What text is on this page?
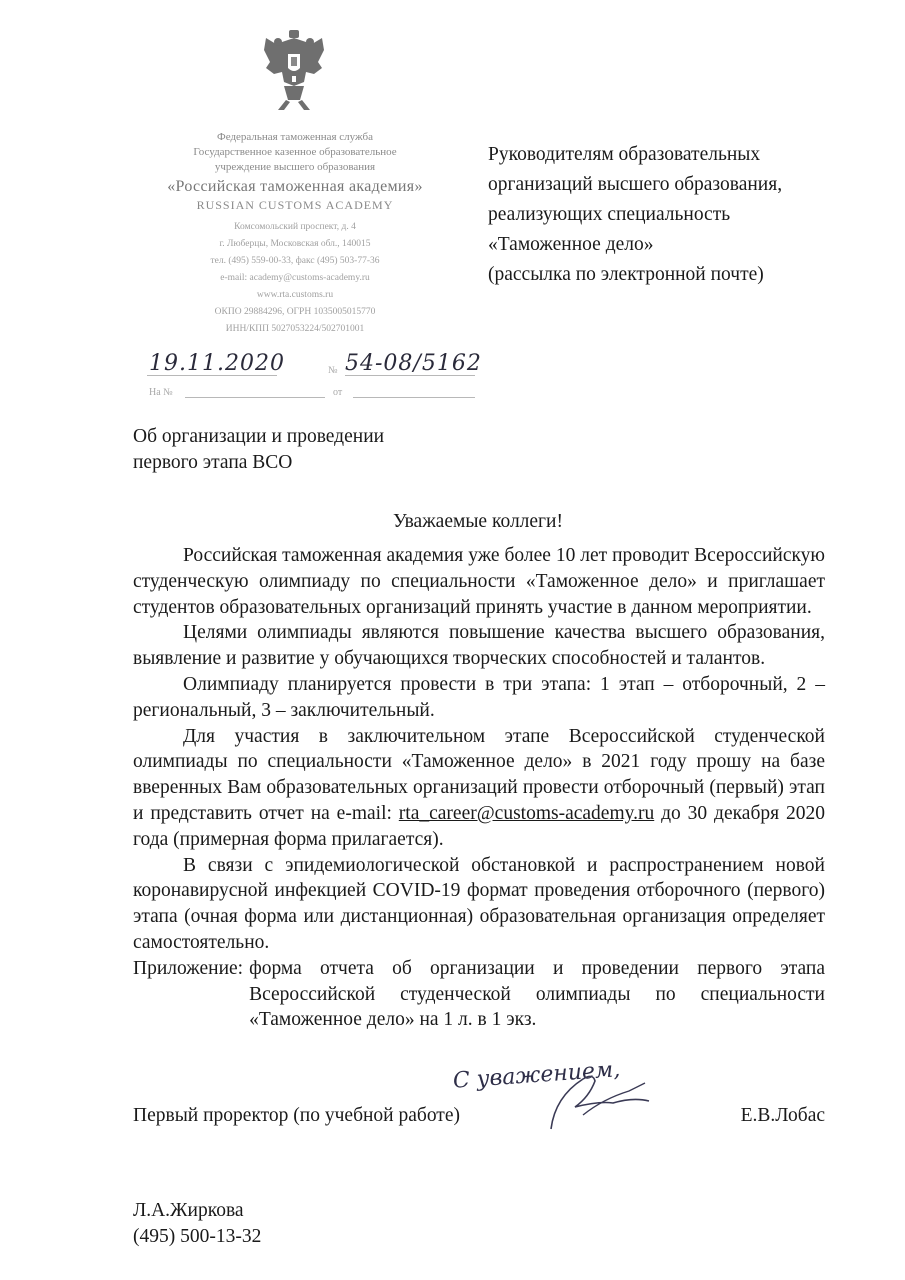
Федеральная таможенная служба
Государственное казенное образовательное
учреждение высшего образования
«Российская таможенная академия»
RUSSIAN CUSTOMS ACADEMY
Комсомольский проспект, д. 4
г. Люберцы, Московская обл., 140015
тел. (495) 559-00-33, факс (495) 503-77-36
e-mail: academy@customs-academy.ru
www.rta.customs.ru
ОКПО 29884296, ОГРН 1035005015770
ИНН/КПП 5027053224/502701001
19.11.2020	№ 54-08/5162
На №	от
Руководителям образовательных
организаций высшего образования,
реализующих специальность
«Таможенное дело»
(рассылка по электронной почте)
Об организации и проведении
первого этапа ВСО
Уважаемые коллеги!

Российская таможенная академия уже более 10 лет проводит Всероссийскую студенческую олимпиаду по специальности «Таможенное дело» и приглашает студентов образовательных организаций принять участие в данном мероприятии.

Целями олимпиады являются повышение качества высшего образования, выявление и развитие у обучающихся творческих способностей и талантов.

Олимпиаду планируется провести в три этапа: 1 этап – отборочный, 2 – региональный, 3 – заключительный.

Для участия в заключительном этапе Всероссийской студенческой олимпиады по специальности «Таможенное дело» в 2021 году прошу на базе вверенных Вам образовательных организаций провести отборочный (первый) этап и представить отчет на e-mail: rta_career@customs-academy.ru до 30 декабря 2020 года (примерная форма прилагается).

В связи с эпидемиологической обстановкой и распространением новой коронавирусной инфекцией COVID-19 формат проведения отборочного (первого) этапа (очная форма или дистанционная) образовательная организация определяет самостоятельно.

Приложение: форма отчета об организации и проведении первого этапа
Всероссийской студенческой олимпиады по специальности «Таможенное дело» на 1 л. в 1 экз.
С уважением,
Первый проректор (по учебной работе)	Е.В.Лобас
Л.А.Жиркова
(495) 500-13-32
